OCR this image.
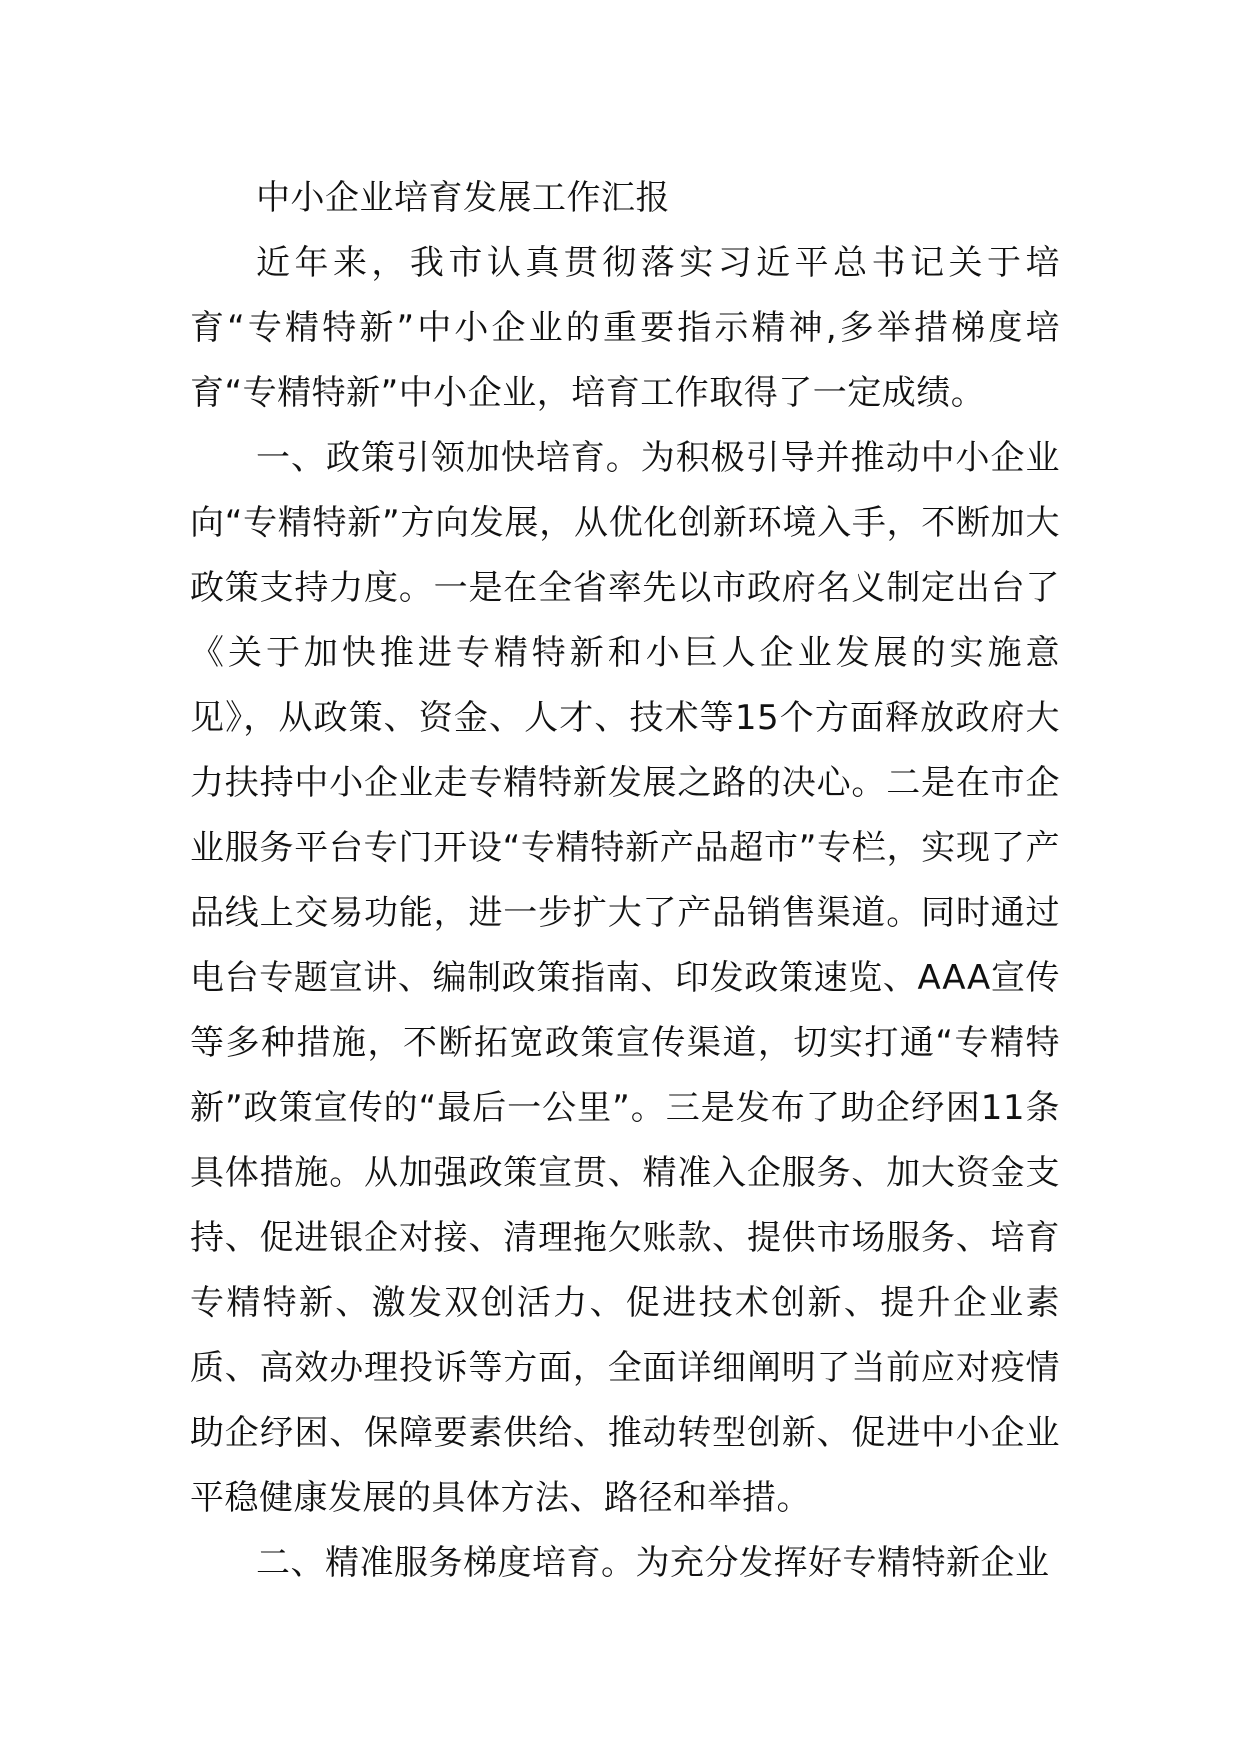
中小企业培育发展工作汇报

近年来，我市认真贯彻落实习近平总书记关于培育“专精特新”中小企业的重要指示精神,多举措梯度培育“专精特新”中小企业，培育工作取得了一定成绩。

一、政策引领加快培育。为积极引导并推动中小企业向“专精特新”方向发展，从优化创新环境入手，不断加大政策支持力度。一是在全省率先以市政府名义制定出台了《关于加快推进专精特新和小巨人企业发展的实施意见》，从政策、资金、人才、技术等15个方面释放政府大力扶持中小企业走专精特新发展之路的决心。二是在市企业服务平台专门开设“专精特新产品超市”专栏，实现了产品线上交易功能，进一步扩大了产品销售渠道。同时通过电台专题宣讲、编制政策指南、印发政策速览、AAA宣传等多种措施，不断拓宽政策宣传渠道，切实打通“专精特新”政策宣传的“最后一公里”。三是发布了助企纾困11条具体措施。从加强政策宣贯、精准入企服务、加大资金支持、促进银企对接、清理拖欠账款、提供市场服务、培育专精特新、激发双创活力、促进技术创新、提升企业素质、高效办理投诉等方面，全面详细阐明了当前应对疫情助企纾困、保障要素供给、推动转型创新、促进中小企业平稳健康发展的具体方法、路径和举措。

二、精准服务梯度培育。为充分发挥好专精特新企业
